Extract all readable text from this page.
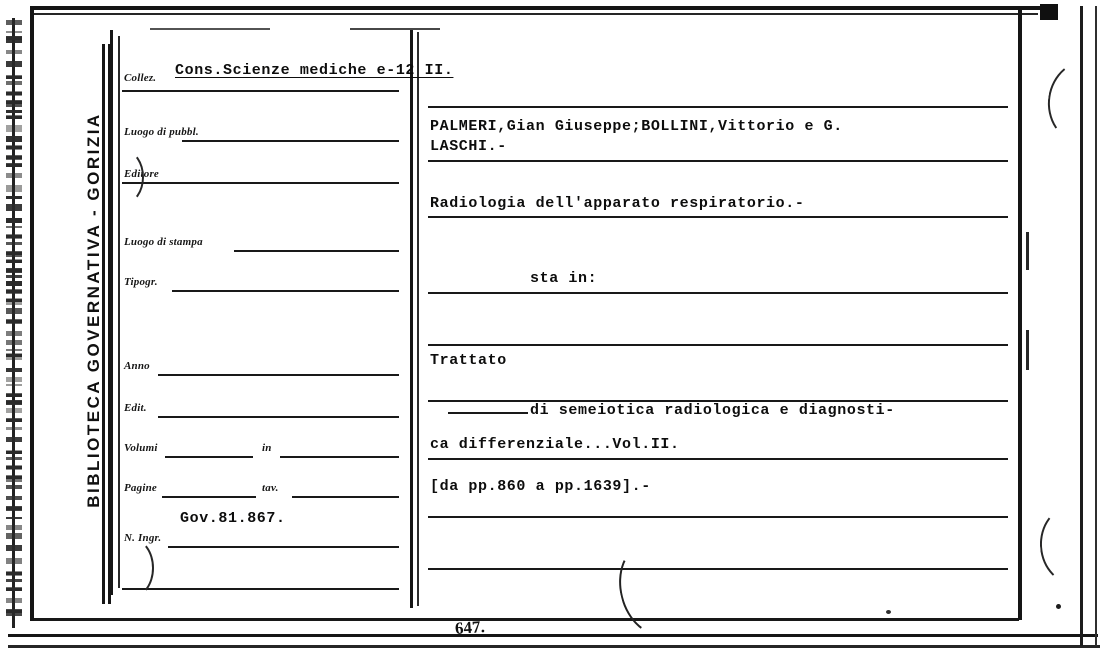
BIBLIOTECA GOVERNATIVA - GORIZIA
Collez. Cons.Scienze mediche e-12 II.
Luogo di pubbl.
Editore
Luogo di stampa
Tipogr.
Anno
Edit.
Volumi	in
Pagine	tav.
Gov.81.867.
N. Ingr.
PALMERI,Gian Giuseppe;BOLLINI,Vittorio e G.
LASCHI.-
Radiologia dell'apparato respiratorio.-
sta in:
Trattato
di semeiotica radiologica e diagnosti-
ca differenziale...Vol.II.
[da pp.860 a pp.1639].-
647.
